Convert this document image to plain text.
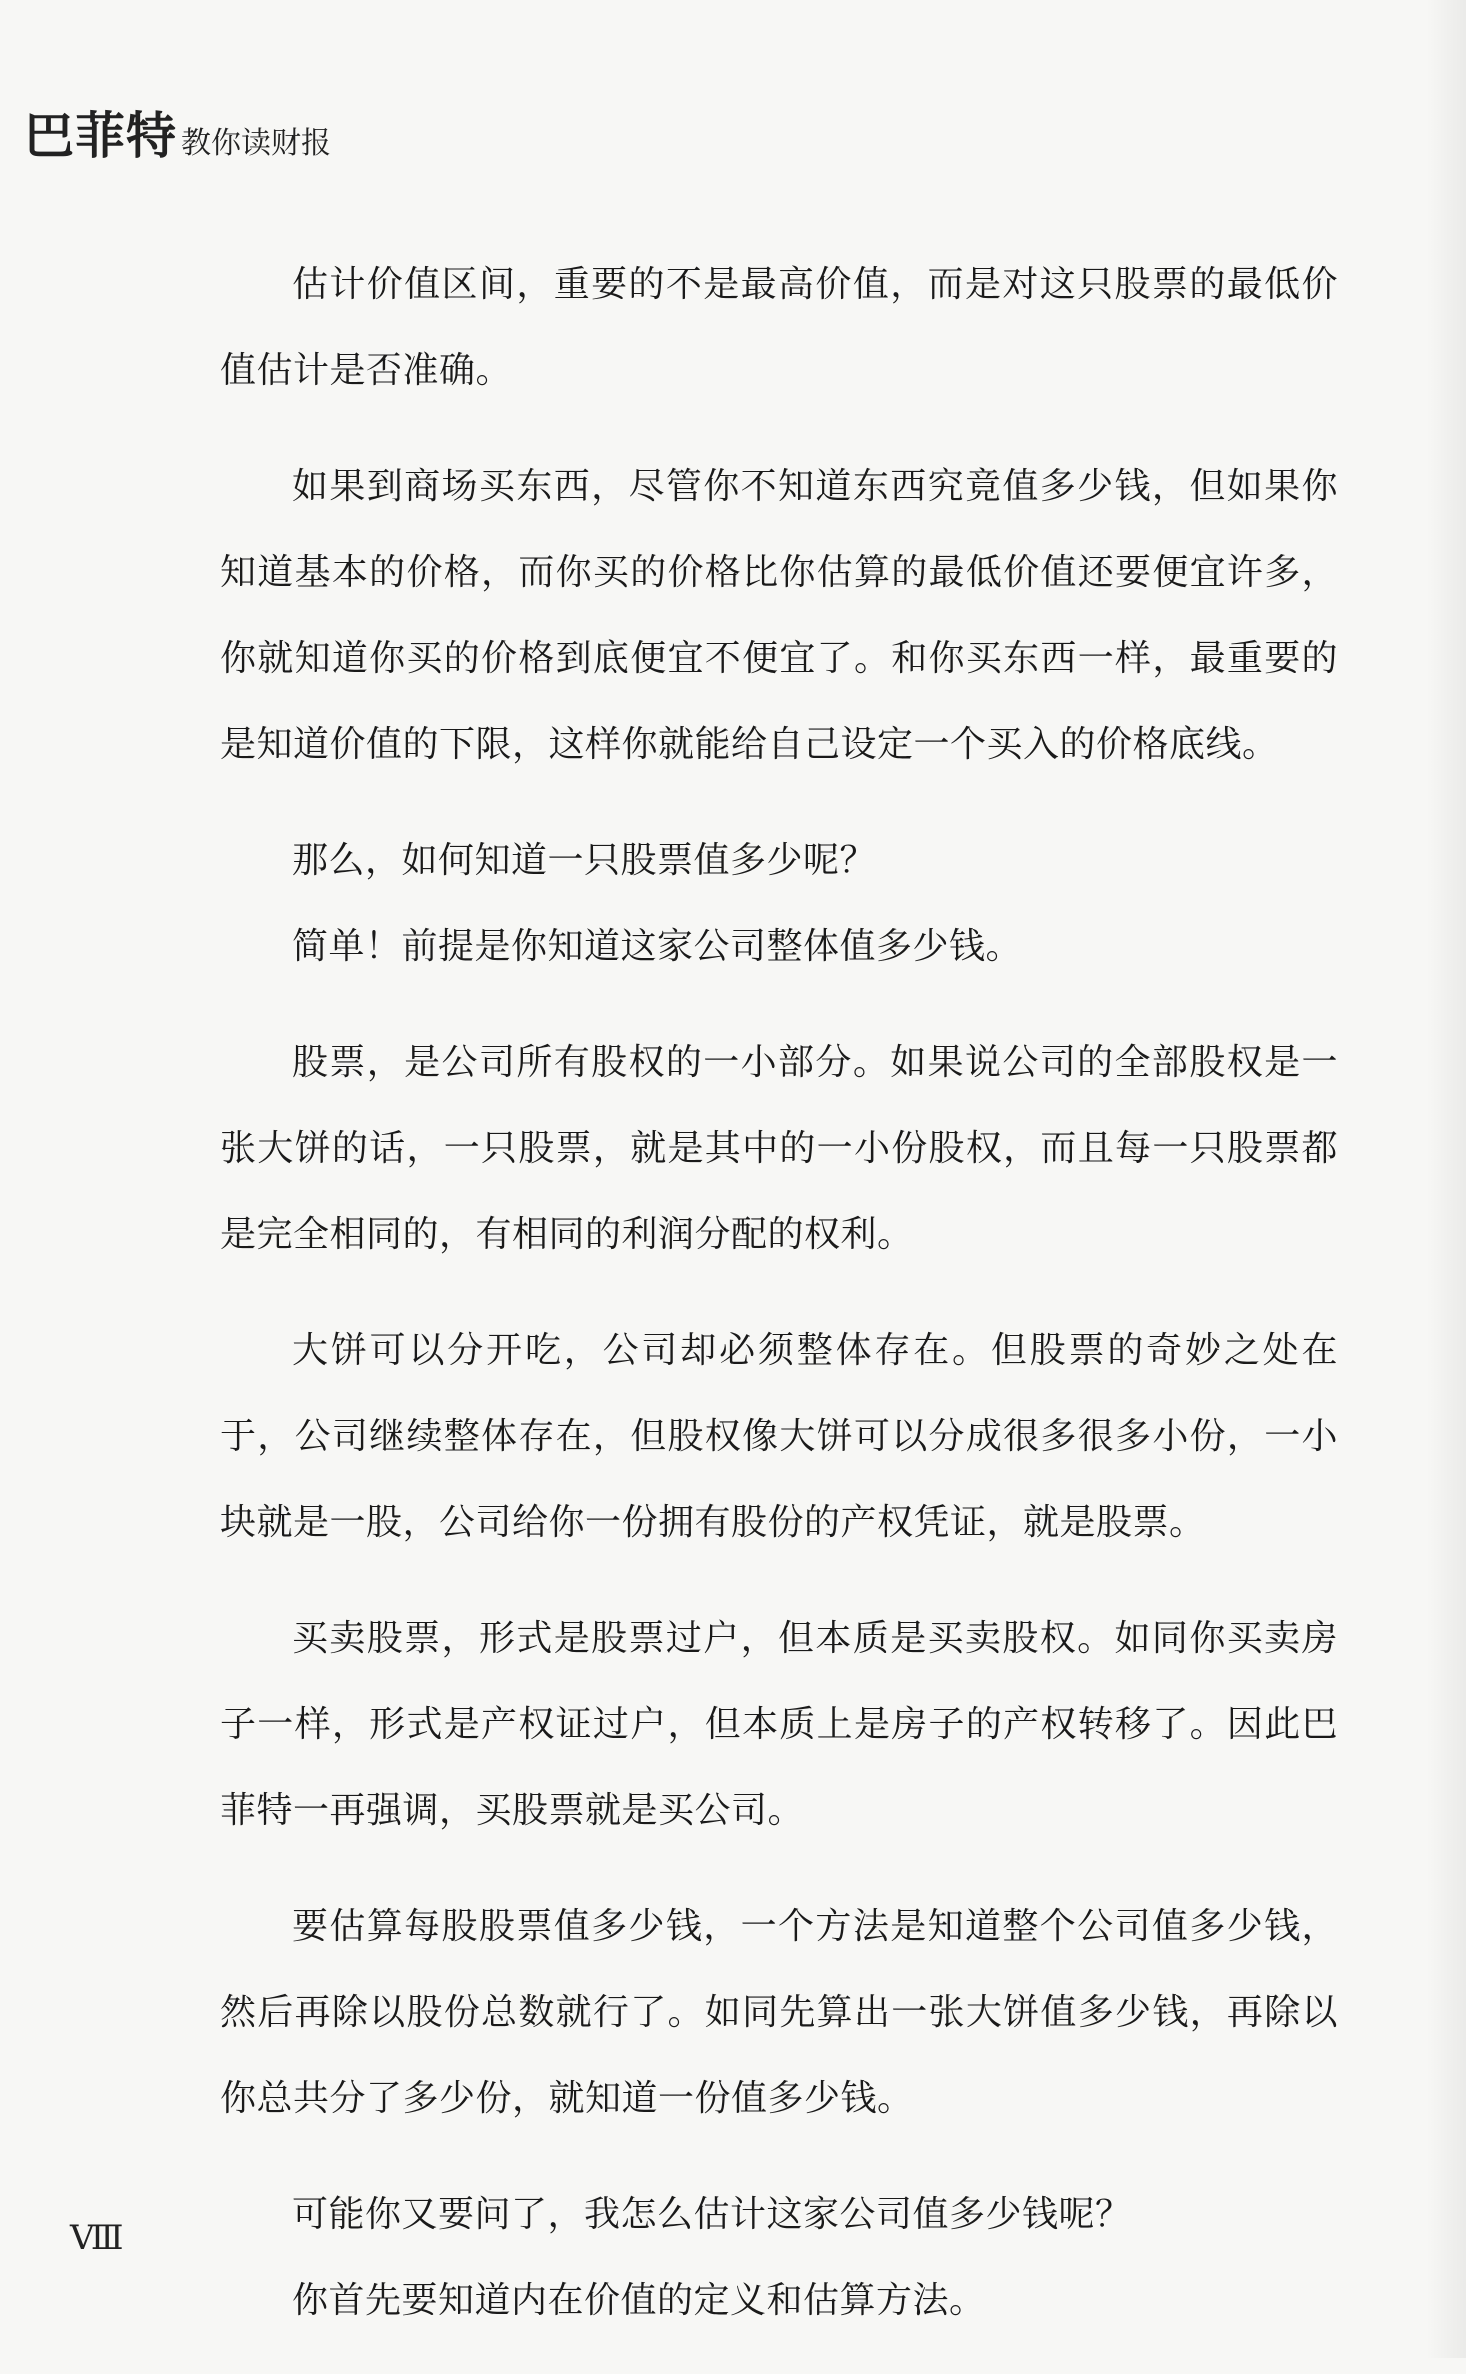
巴菲特 教你读财报

估计价值区间，重要的不是最高价值，而是对这只股票的最低价值估计是否准确。

如果到商场买东西，尽管你不知道东西究竟值多少钱，但如果你知道基本的价格，而你买的价格比你估算的最低价值还要便宜许多，你就知道你买的价格到底便宜不便宜了。和你买东西一样，最重要的是知道价值的下限，这样你就能给自己设定一个买入的价格底线。

那么，如何知道一只股票值多少呢？

简单！前提是你知道这家公司整体值多少钱。

股票，是公司所有股权的一小部分。如果说公司的全部股权是一张大饼的话，一只股票，就是其中的一小份股权，而且每一只股票都是完全相同的，有相同的利润分配的权利。

大饼可以分开吃，公司却必须整体存在。但股票的奇妙之处在于，公司继续整体存在，但股权像大饼可以分成很多很多小份，一小块就是一股，公司给你一份拥有股份的产权凭证，就是股票。

买卖股票，形式是股票过户，但本质是买卖股权。如同你买卖房子一样，形式是产权证过户，但本质上是房子的产权转移了。因此巴菲特一再强调，买股票就是买公司。

要估算每股股票值多少钱，一个方法是知道整个公司值多少钱，然后再除以股份总数就行了。如同先算出一张大饼值多少钱，再除以你总共分了多少份，就知道一份值多少钱。

可能你又要问了，我怎么估计这家公司值多少钱呢？

你首先要知道内在价值的定义和估算方法。

Ⅷ
